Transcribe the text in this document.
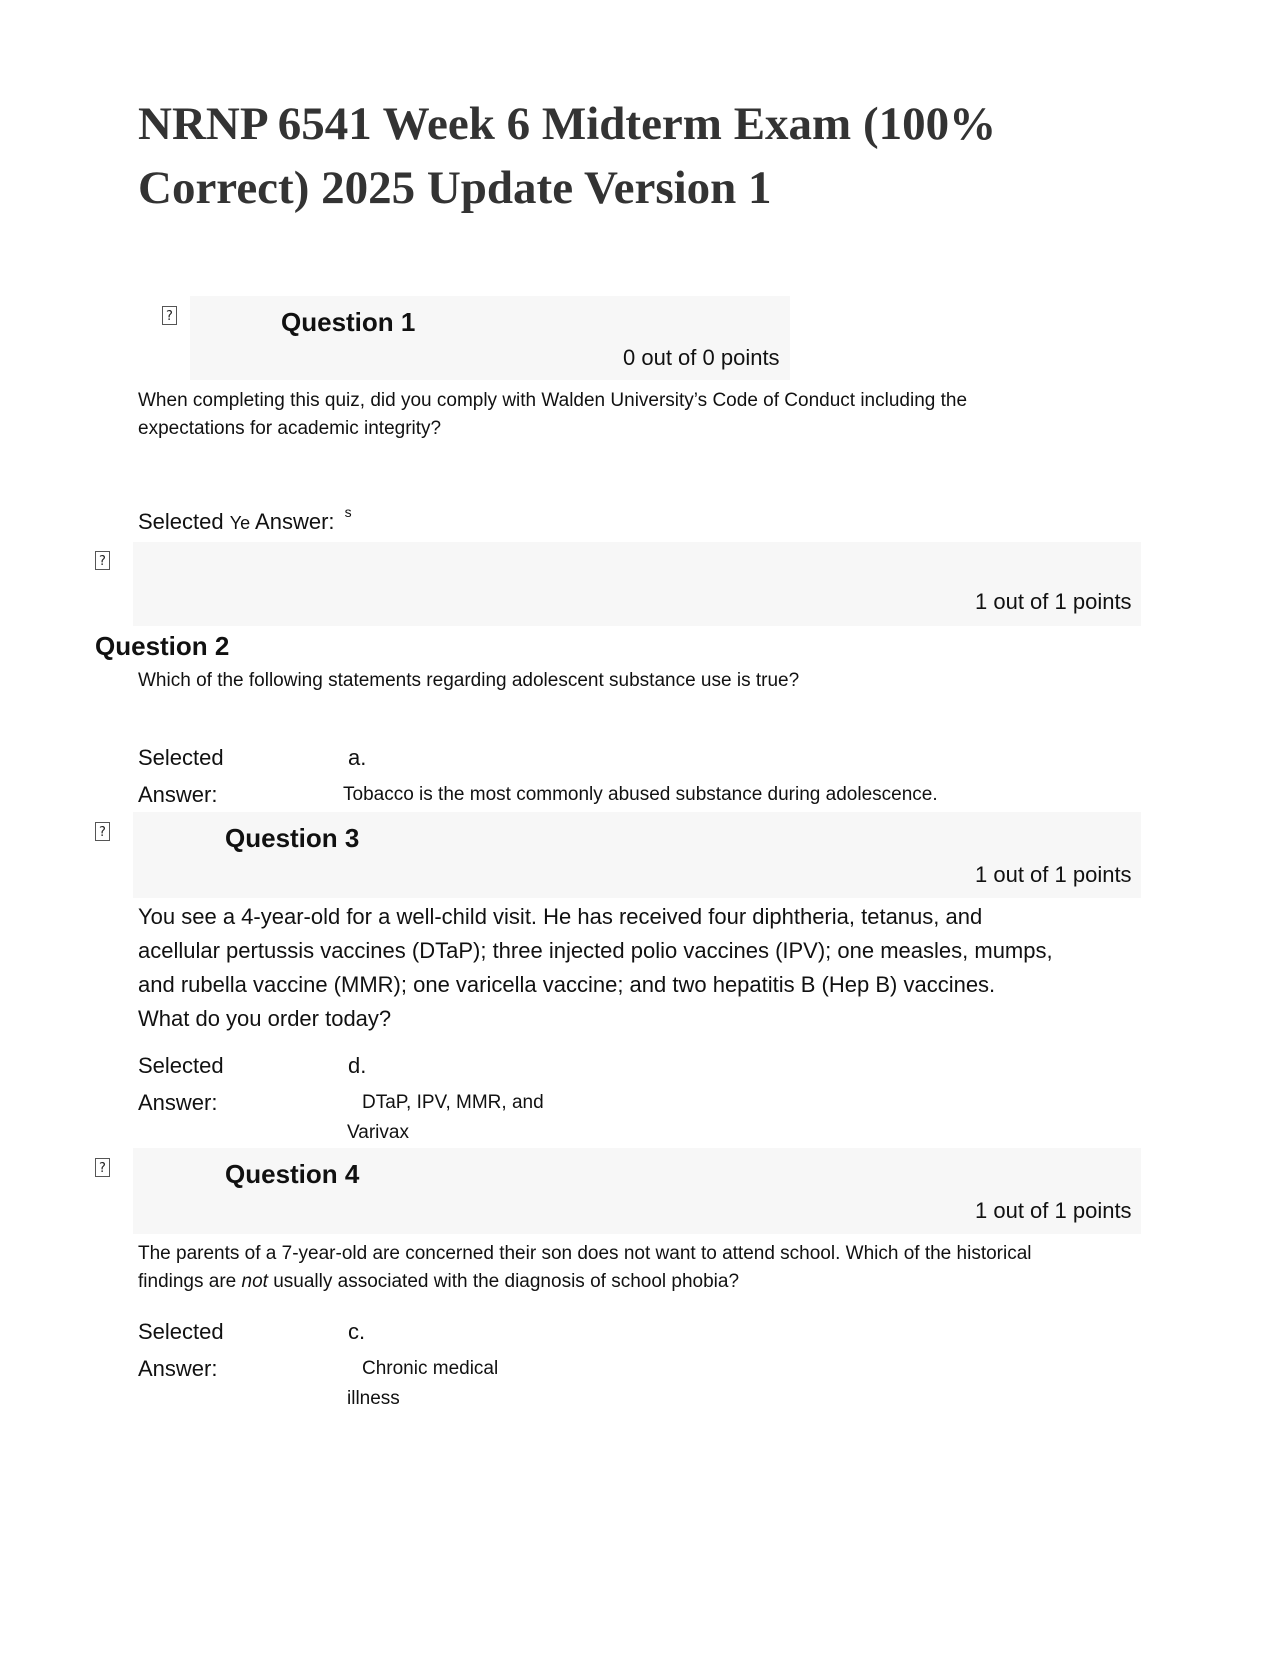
NRNP 6541 Week 6 Midterm Exam (100%
Correct) 2025 Update Version 1
?	Question 1
0 out of 0 points
When completing this quiz, did you comply with Walden University’s Code of Conduct including the
expectations for academic integrity?
Selected Ye Answer: $^s$
?
1 out of 1 points
Question 2
Which of the following statements regarding adolescent substance use is true?
Selected	a.
Answer:	Tobacco is the most commonly abused substance during adolescence.
?	Question 3
1 out of 1 points
You see a 4-year-old for a well-child visit. He has received four diphtheria, tetanus, and
acellular pertussis vaccines (DTaP); three injected polio vaccines (IPV); one measles, mumps,
and rubella vaccine (MMR); one varicella vaccine; and two hepatitis B (Hep B) vaccines.
What do you order today?
Selected	d.
Answer:	DTaP, IPV, MMR, and
Varivax
?	Question 4
1 out of 1 points
The parents of a 7-year-old are concerned their son does not want to attend school. Which of the historical
findings are not usually associated with the diagnosis of school phobia?
Selected	c.
Answer:	Chronic medical
illness
